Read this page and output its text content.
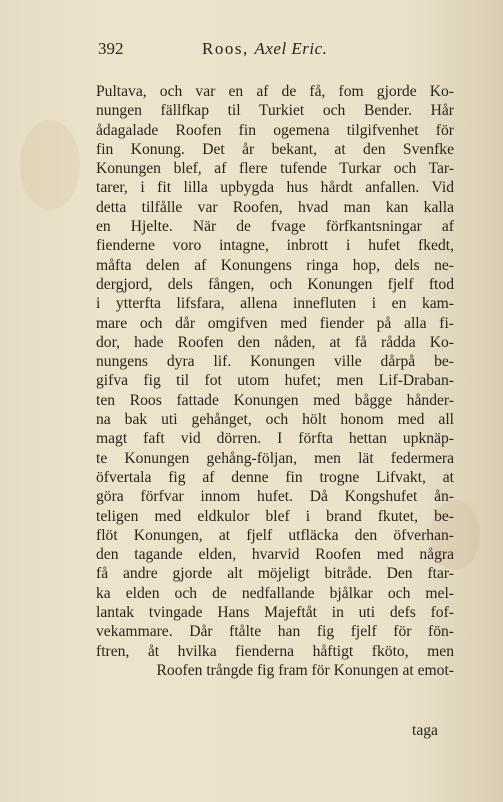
392	Roos, Axel Eric.
Pultava, och var en af de få, fom gjorde Ko-
nungen fällfkap til Turkiet och Bender. Hår
ådagalade Roofen fin ogemena tilgifvenhet för
fin Konung. Det år bekant, at den Svenfke
Konungen blef, af flere tufende Turkar och Tar-
tarer, i fit lilla upbygda hus hårdt anfallen. Vid
detta tilfålle var Roofen, hvad man kan kalla
en Hjelte. När de fvage förfkantsningar af
fienderne voro intagne, inbrott i hufet fkedt,
måfta delen af Konungens ringa hop, dels ne-
dergjord, dels fången, och Konungen fjelf ftod
i ytterfta lifsfara, allena innefluten i en kam-
mare och dår omgifven med fiender på alla fi-
dor, hade Roofen den nåden, at få rådda Ko-
nungens dyra lif. Konungen ville dårpå be-
gifva fig til fot utom hufet; men Lif-Draban-
ten Roos fattade Konungen med bågge hånder-
na bak uti gehånget, och hölt honom med all
magt faft vid dörren. I förfta hettan upknäp-
te Konungen gehång-följan, men lät federmera
öfvertala fig af denne fin trogne Lifvakt, at
göra förfvar innom hufet. Då Kongshufet ån-
teligen med eldkulor blef i brand fkutet, be-
flöt Konungen, at fjelf utfläcka den öfverhan-
den tagande elden, hvarvid Roofen med några
få andre gjorde alt möjeligt bitråde. Den ftar-
ka elden och de nedfallande bjålkar och mel-
lantak tvingade Hans Majeftåt in uti defs fof-
vekammare. Dår ftålte han fig fjelf för fön-
ftren, åt hvilka fienderna håftigt fköto, men
Roofen trångde fig fram för Konungen at emot-
taga
